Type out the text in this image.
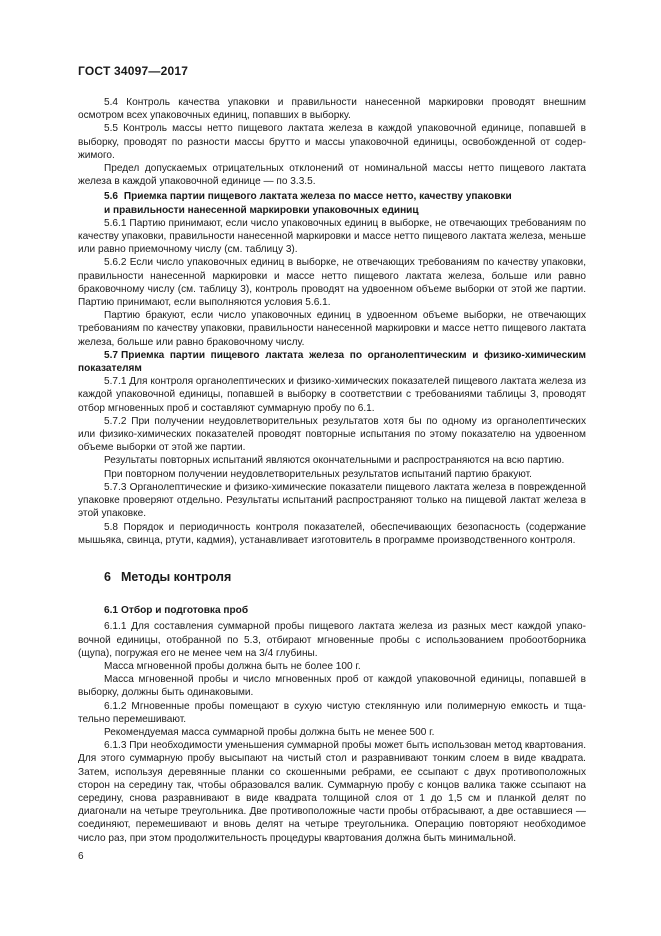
ГОСТ 34097—2017

5.4 Контроль качества упаковки и правильности нанесенной маркировки проводят внешним осмотром всех упаковочных единиц, попавших в выборку.

5.5 Контроль массы нетто пищевого лактата железа в каждой упаковочной единице, попавшей в выборку, проводят по разности массы брутто и массы упаковочной единицы, освобожденной от содержимого.

Предел допускаемых отрицательных отклонений от номинальной массы нетто пищевого лактата железа в каждой упаковочной единице — по 3.3.5.

5.6 Приемка партии пищевого лактата железа по массе нетто, качеству упаковки
и правильности нанесенной маркировки упаковочных единиц

5.6.1 Партию принимают, если число упаковочных единиц в выборке, не отвечающих требованиям по качеству упаковки, правильности нанесенной маркировки и массе нетто пищевого лактата железа, меньше или равно приемочному числу (см. таблицу 3).

5.6.2 Если число упаковочных единиц в выборке, не отвечающих требованиям по качеству упаковки, правильности нанесенной маркировки и массе нетто пищевого лактата железа, больше или равно браковочному числу (см. таблицу 3), контроль проводят на удвоенном объеме выборки от этой же партии. Партию принимают, если выполняются условия 5.6.1.

Партию бракуют, если число упаковочных единиц в удвоенном объеме выборки, не отвечающих требованиям по качеству упаковки, правильности нанесенной маркировки и массе нетто пищевого лактата железа, больше или равно браковочному числу.

5.7 Приемка партии пищевого лактата железа по органолептическим и физико-химическим показателям

5.7.1 Для контроля органолептических и физико-химических показателей пищевого лактата железа из каждой упаковочной единицы, попавшей в выборку в соответствии с требованиями таблицы 3, проводят отбор мгновенных проб и составляют суммарную пробу по 6.1.

5.7.2 При получении неудовлетворительных результатов хотя бы по одному из органолептических или физико-химических показателей проводят повторные испытания по этому показателю на удвоенном объеме выборки от этой же партии.

Результаты повторных испытаний являются окончательными и распространяются на всю партию.

При повторном получении неудовлетворительных результатов испытаний партию бракуют.

5.7.3 Органолептические и физико-химические показатели пищевого лактата железа в поврежденной упаковке проверяют отдельно. Результаты испытаний распространяют только на пищевой лактат железа в этой упаковке.

5.8 Порядок и периодичность контроля показателей, обеспечивающих безопасность (содержание мышьяка, свинца, ртути, кадмия), устанавливает изготовитель в программе производственного контроля.

6 Методы контроля
6.1 Отбор и подготовка проб

6.1.1 Для составления суммарной пробы пищевого лактата железа из разных мест каждой упаковочной единицы, отобранной по 5.3, отбирают мгновенные пробы с использованием пробоотборника (щупа), погружая его не менее чем на 3/4 глубины.

Масса мгновенной пробы должна быть не более 100 г.

Масса мгновенной пробы и число мгновенных проб от каждой упаковочной единицы, попавшей в выборку, должны быть одинаковыми.

6.1.2 Мгновенные пробы помещают в сухую чистую стеклянную или полимерную емкость и тщательно перемешивают.

Рекомендуемая масса суммарной пробы должна быть не менее 500 г.

6.1.3 При необходимости уменьшения суммарной пробы может быть использован метод квартования. Для этого суммарную пробу высыпают на чистый стол и разравнивают тонким слоем в виде квадрата. Затем, используя деревянные планки со скошенными ребрами, ее ссыпают с двух противоположных сторон на середину так, чтобы образовался валик. Суммарную пробу с концов валика также ссыпают на середину, снова разравнивают в виде квадрата толщиной слоя от 1 до 1,5 см и планкой делят по диагонали на четыре треугольника. Две противоположные части пробы отбрасывают, а две оставшиеся — соединяют, перемешивают и вновь делят на четыре треугольника. Операцию повторяют необходимое число раз, при этом продолжительность процедуры квартования должна быть минимальной.

6
